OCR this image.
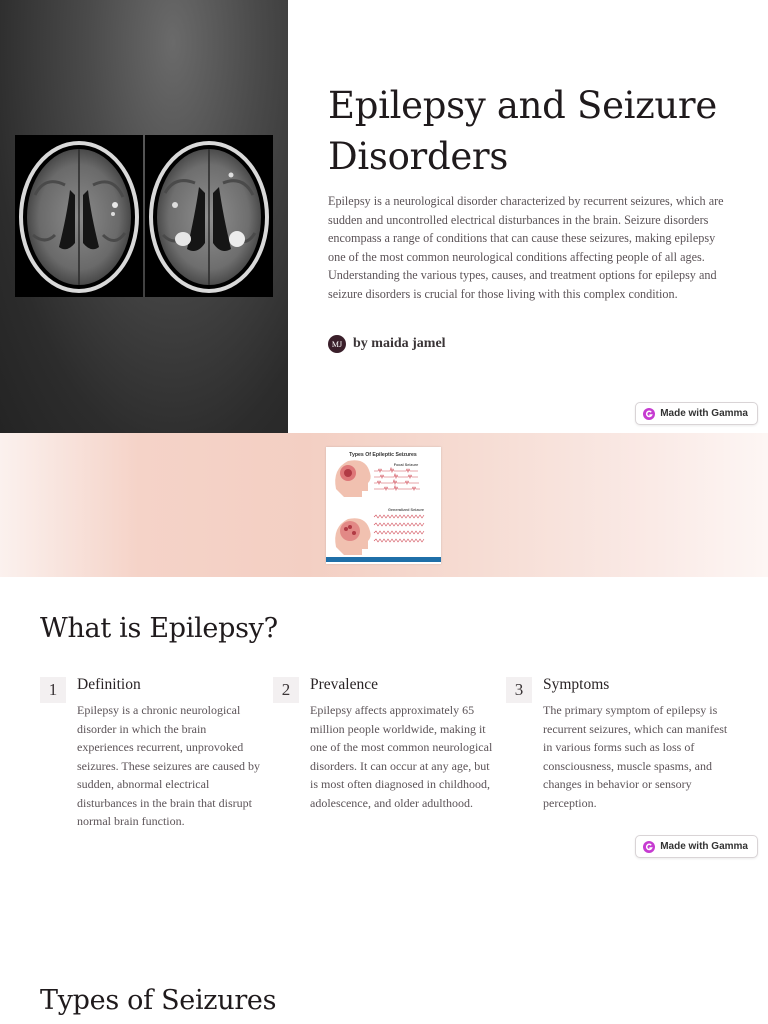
Epilepsy and Seizure Disorders

Epilepsy is a neurological disorder characterized by recurrent seizures, which are sudden and uncontrolled electrical disturbances in the brain. Seizure disorders encompass a range of conditions that can cause these seizures, making epilepsy one of the most common neurological conditions affecting people of all ages. Understanding the various types, causes, and treatment options for epilepsy and seizure disorders is crucial for those living with this complex condition.

MJ by maida jamel
Made with Gamma
Types Of Epileptic Seizures
Focal Seizure
Generalized Seizure
What is Epilepsy?
1	Definition

Epilepsy is a chronic neurological disorder in which the brain experiences recurrent, unprovoked seizures. These seizures are caused by sudden, abnormal electrical disturbances in the brain that disrupt normal brain function.

2	Prevalence

Epilepsy affects approximately 65 million people worldwide, making it one of the most common neurological disorders. It can occur at any age, but is most often diagnosed in childhood, adolescence, and older adulthood.

3	Symptoms

The primary symptom of epilepsy is recurrent seizures, which can manifest in various forms such as loss of consciousness, muscle spasms, and changes in behavior or sensory perception.

Made with Gamma
Types of Seizures
